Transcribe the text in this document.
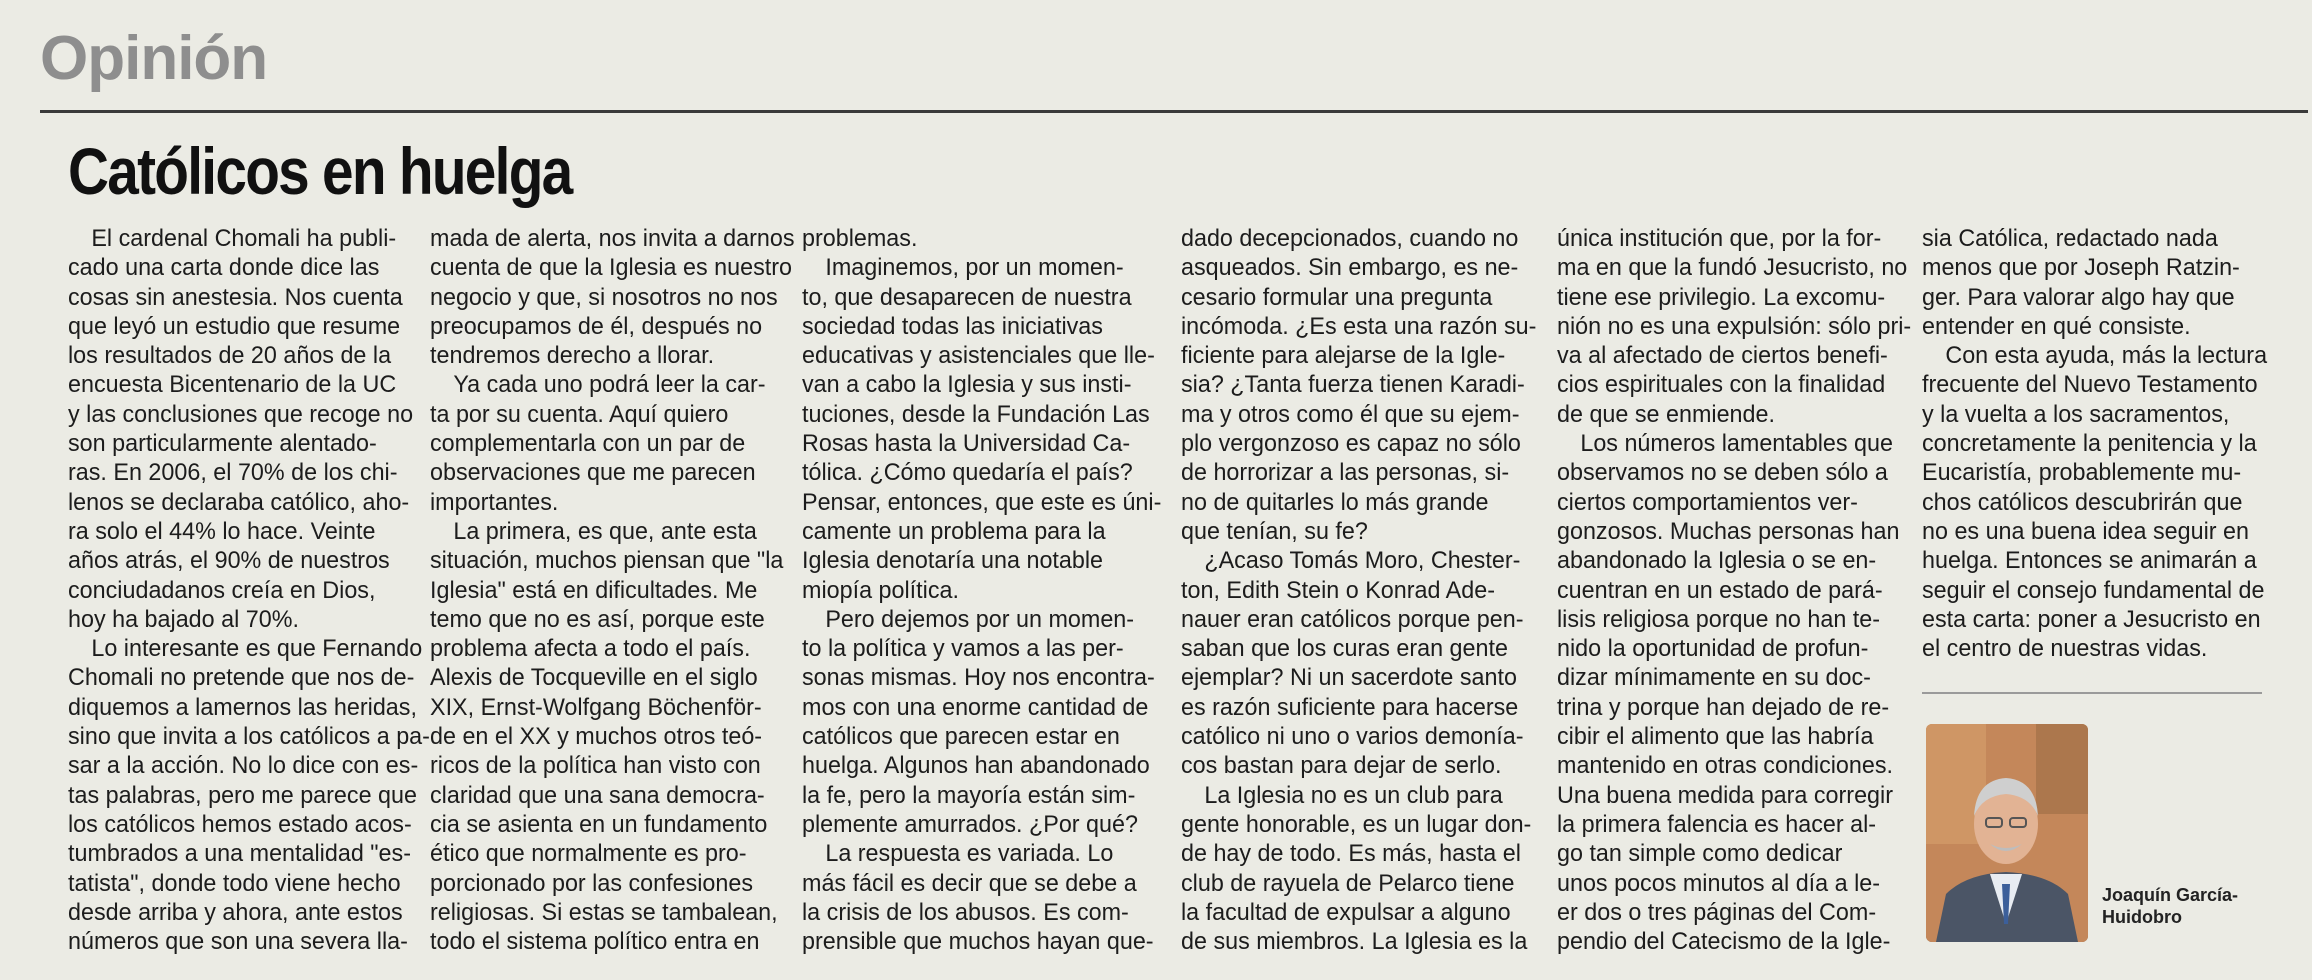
Opinión
Católicos en huelga
El cardenal Chomali ha publi-
cado una carta donde dice las
cosas sin anestesia. Nos cuenta
que leyó un estudio que resume
los resultados de 20 años de la
encuesta Bicentenario de la UC
y las conclusiones que recoge no
son particularmente alentado-
ras. En 2006, el 70% de los chi-
lenos se declaraba católico, aho-
ra solo el 44% lo hace. Veinte
años atrás, el 90% de nuestros
conciudadanos creía en Dios,
hoy ha bajado al 70%.
Lo interesante es que Fernando
Chomali no pretende que nos de-
diquemos a lamernos las heridas,
sino que invita a los católicos a pa-
sar a la acción. No lo dice con es-
tas palabras, pero me parece que
los católicos hemos estado acos-
tumbrados a una mentalidad "es-
tatista", donde todo viene hecho
desde arriba y ahora, ante estos
números que son una severa lla-
mada de alerta, nos invita a darnos
cuenta de que la Iglesia es nuestro
negocio y que, si nosotros no nos
preocupamos de él, después no
tendremos derecho a llorar.
Ya cada uno podrá leer la car-
ta por su cuenta. Aquí quiero
complementarla con un par de
observaciones que me parecen
importantes.
La primera, es que, ante esta
situación, muchos piensan que "la
Iglesia" está en dificultades. Me
temo que no es así, porque este
problema afecta a todo el país.
Alexis de Tocqueville en el siglo
XIX, Ernst-Wolfgang Böchenför-
de en el XX y muchos otros teó-
ricos de la política han visto con
claridad que una sana democra-
cia se asienta en un fundamento
ético que normalmente es pro-
porcionado por las confesiones
religiosas. Si estas se tambalean,
todo el sistema político entra en
problemas.
Imaginemos, por un momen-
to, que desaparecen de nuestra
sociedad todas las iniciativas
educativas y asistenciales que lle-
van a cabo la Iglesia y sus insti-
tuciones, desde la Fundación Las
Rosas hasta la Universidad Ca-
tólica. ¿Cómo quedaría el país?
Pensar, entonces, que este es úni-
camente un problema para la
Iglesia denotaría una notable
miopía política.
Pero dejemos por un momen-
to la política y vamos a las per-
sonas mismas. Hoy nos encontra-
mos con una enorme cantidad de
católicos que parecen estar en
huelga. Algunos han abandonado
la fe, pero la mayoría están sim-
plemente amurrados. ¿Por qué?
La respuesta es variada. Lo
más fácil es decir que se debe a
la crisis de los abusos. Es com-
prensible que muchos hayan que-
dado decepcionados, cuando no
asqueados. Sin embargo, es ne-
cesario formular una pregunta
incómoda. ¿Es esta una razón su-
ficiente para alejarse de la Igle-
sia? ¿Tanta fuerza tienen Karadi-
ma y otros como él que su ejem-
plo vergonzoso es capaz no sólo
de horrorizar a las personas, si-
no de quitarles lo más grande
que tenían, su fe?
¿Acaso Tomás Moro, Chester-
ton, Edith Stein o Konrad Ade-
nauer eran católicos porque pen-
saban que los curas eran gente
ejemplar? Ni un sacerdote santo
es razón suficiente para hacerse
católico ni uno o varios demonía-
cos bastan para dejar de serlo.
La Iglesia no es un club para
gente honorable, es un lugar don-
de hay de todo. Es más, hasta el
club de rayuela de Pelarco tiene
la facultad de expulsar a alguno
de sus miembros. La Iglesia es la
única institución que, por la for-
ma en que la fundó Jesucristo, no
tiene ese privilegio. La excomu-
nión no es una expulsión: sólo pri-
va al afectado de ciertos benefi-
cios espirituales con la finalidad
de que se enmiende.
Los números lamentables que
observamos no se deben sólo a
ciertos comportamientos ver-
gonzosos. Muchas personas han
abandonado la Iglesia o se en-
cuentran en un estado de pará-
lisis religiosa porque no han te-
nido la oportunidad de profun-
dizar mínimamente en su doc-
trina y porque han dejado de re-
cibir el alimento que las habría
mantenido en otras condiciones.
Una buena medida para corregir
la primera falencia es hacer al-
go tan simple como dedicar
unos pocos minutos al día a le-
er dos o tres páginas del Com-
pendio del Catecismo de la Igle-
sia Católica, redactado nada
menos que por Joseph Ratzin-
ger. Para valorar algo hay que
entender en qué consiste.
Con esta ayuda, más la lectura
frecuente del Nuevo Testamento
y la vuelta a los sacramentos,
concretamente la penitencia y la
Eucaristía, probablemente mu-
chos católicos descubrirán que
no es una buena idea seguir en
huelga. Entonces se animarán a
seguir el consejo fundamental de
esta carta: poner a Jesucristo en
el centro de nuestras vidas.
Joaquín García-
Huidobro
